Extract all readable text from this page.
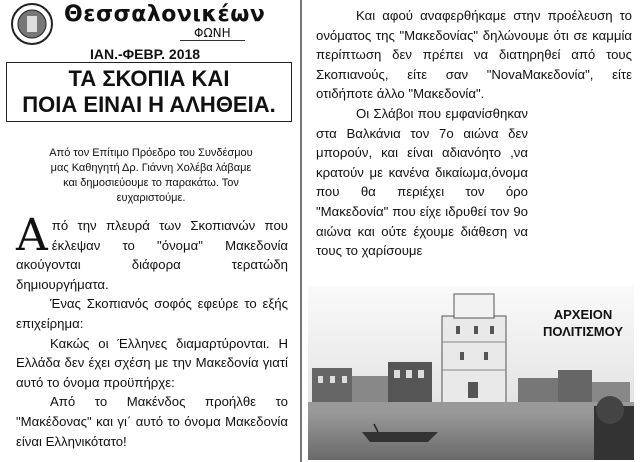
Θεσσαλονικέων
ΦΩΝΗ
ΙΑΝ.-ΦΕΒΡ. 2018
ΤΑ ΣΚΟΠΙΑ ΚΑΙ
ΠΟΙΑ ΕΙΝΑΙ Η ΑΛΗΘΕΙΑ.
Από τον Επίτιμο Πρόεδρο του Συνδέσμου
μας Καθηγητή Δρ. Γιάννη Χολέβα λάβαμε
και δημοσιεύουμε το παρακάτω. Τον
ευχαριστούμε.

Από την πλευρά των Σκοπιανών που έκλεψαν το "όνομα" Μακεδονία ακούγονται διάφορα τερατώδη δημιουργήματα.

Ένας Σκοπιανός σοφός εφεύρε το εξής επιχείρημα:

Κακώς οι Έλληνες διαμαρτύρονται. Η Ελλάδα δεν έχει σχέση με την Μακεδονία γιατί αυτό το όνομα προϋπήρχε:

Από το Μακένδος προήλθε το "Μακέδονας" και γι΄ αυτό το όνομα Μακεδονία είναι Ελληνικότατο!

Και αφού αναφερθήκαμε στην προέλευση το ονόματος της "Μακεδονίας" δηλώνουμε ότι σε καμμία περίπτωση δεν πρέπει να διατηρηθεί από τους Σκοπιανούς, είτε σαν "NovaΜακεδονία", είτε οτιδήποτε άλλο "Μακεδονία".

Οι Σλάβοι που εμφανίσθηκαν στα Βαλκάνια τον 7ο αιώνα δεν μπορούν, και είναι αδιανόητο ,να κρατούν με κανένα δικαίωμα,όνομα που θα περιέχει τον όρο "Μακεδονία" που είχε ιδρυθεί τον 9ο αιώνα και ούτε έχουμε διάθεση να τους το χαρίσουμε

ΑΡΧΕΙΟΝ
ΠΟΛΙΤΙΣΜΟΥ
